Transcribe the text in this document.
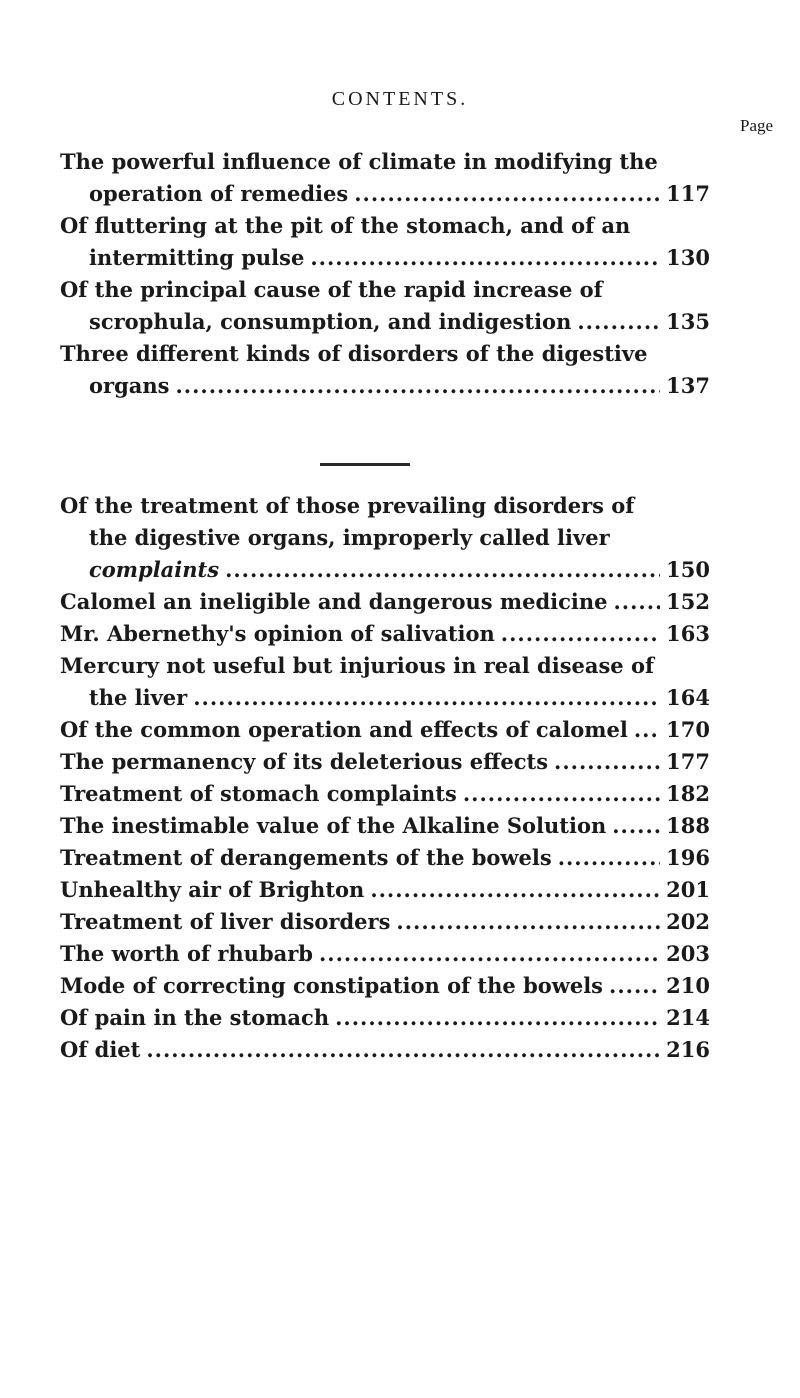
CONTENTS.
Page
The powerful influence of climate in modifying the
operation of remedies .....	117
Of fluttering at the pit of the stomach, and of an
intermitting pulse .....	130
Of the principal cause of the rapid increase of
scrophula, consumption, and indigestion .....	135
Three different kinds of disorders of the digestive
organs .....	137
Of the treatment of those prevailing disorders of
the digestive organs, improperly called liver
complaints .....	150
Calomel an ineligible and dangerous medicine .....	152
Mr. Abernethy's opinion of salivation .....	163
Mercury not useful but injurious in real disease of
the liver .....	164
Of the common operation and effects of calomel ..... 170
The permanency of its deleterious effects .....	177
Treatment of stomach complaints .....	182
The inestimable value of the Alkaline Solution .....	188
Treatment of derangements of the bowels .....	196
Unhealthy air of Brighton .....	201
Treatment of liver disorders .....	202
The worth of rhubarb .....	203
Mode of correcting constipation of the bowels .....	210
Of pain in the stomach .....	214
Of diet .....	216
